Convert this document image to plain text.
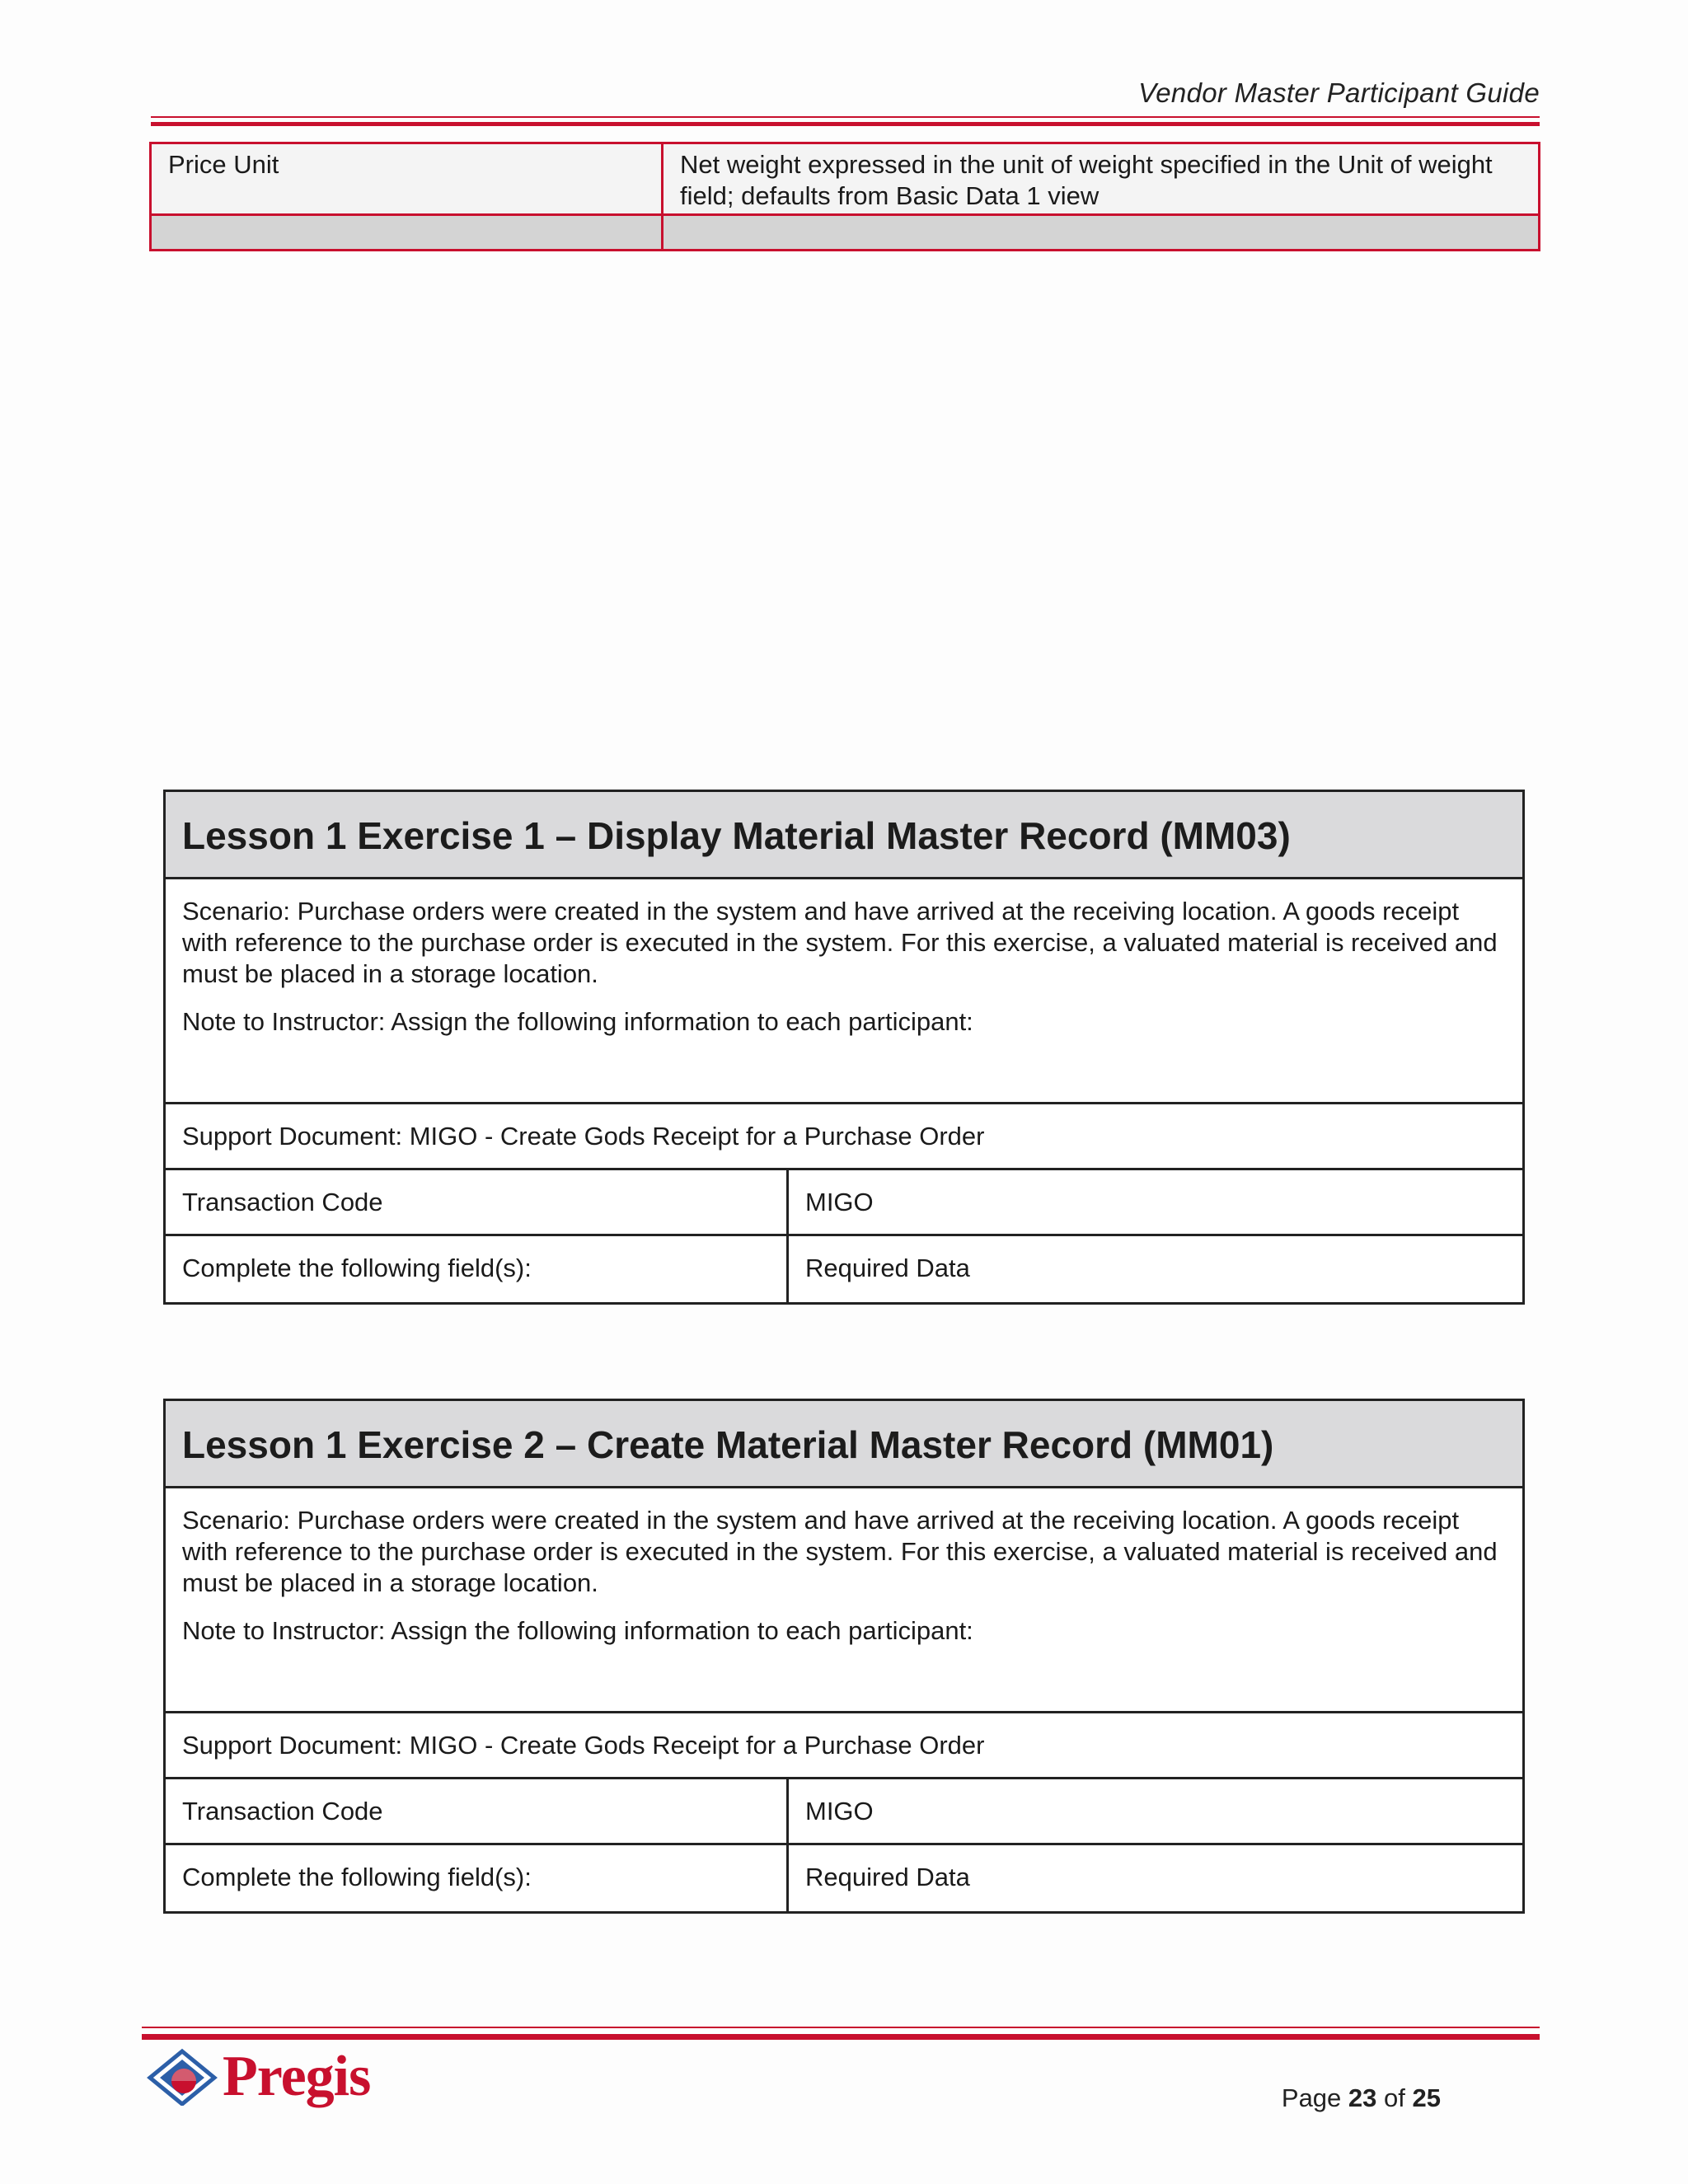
Vendor Master Participant Guide
Price Unit	Net weight expressed in the unit of weight specified in the Unit of weight field; defaults from Basic Data 1 view
Lesson 1 Exercise 1 – Display Material Master Record (MM03)

Scenario: Purchase orders were created in the system and have arrived at the receiving location. A goods receipt with reference to the purchase order is executed in the system. For this exercise, a valuated material is received and must be placed in a storage location.

Note to Instructor: Assign the following information to each participant:

Support Document: MIGO - Create Gods Receipt for a Purchase Order
Transaction Code	MIGO
Complete the following field(s):	Required Data
Lesson 1 Exercise 2 – Create Material Master Record (MM01)

Scenario: Purchase orders were created in the system and have arrived at the receiving location. A goods receipt with reference to the purchase order is executed in the system. For this exercise, a valuated material is received and must be placed in a storage location.

Note to Instructor: Assign the following information to each participant:

Support Document: MIGO - Create Gods Receipt for a Purchase Order
Transaction Code	MIGO
Complete the following field(s):	Required Data
Pregis	Page 23 of 25
